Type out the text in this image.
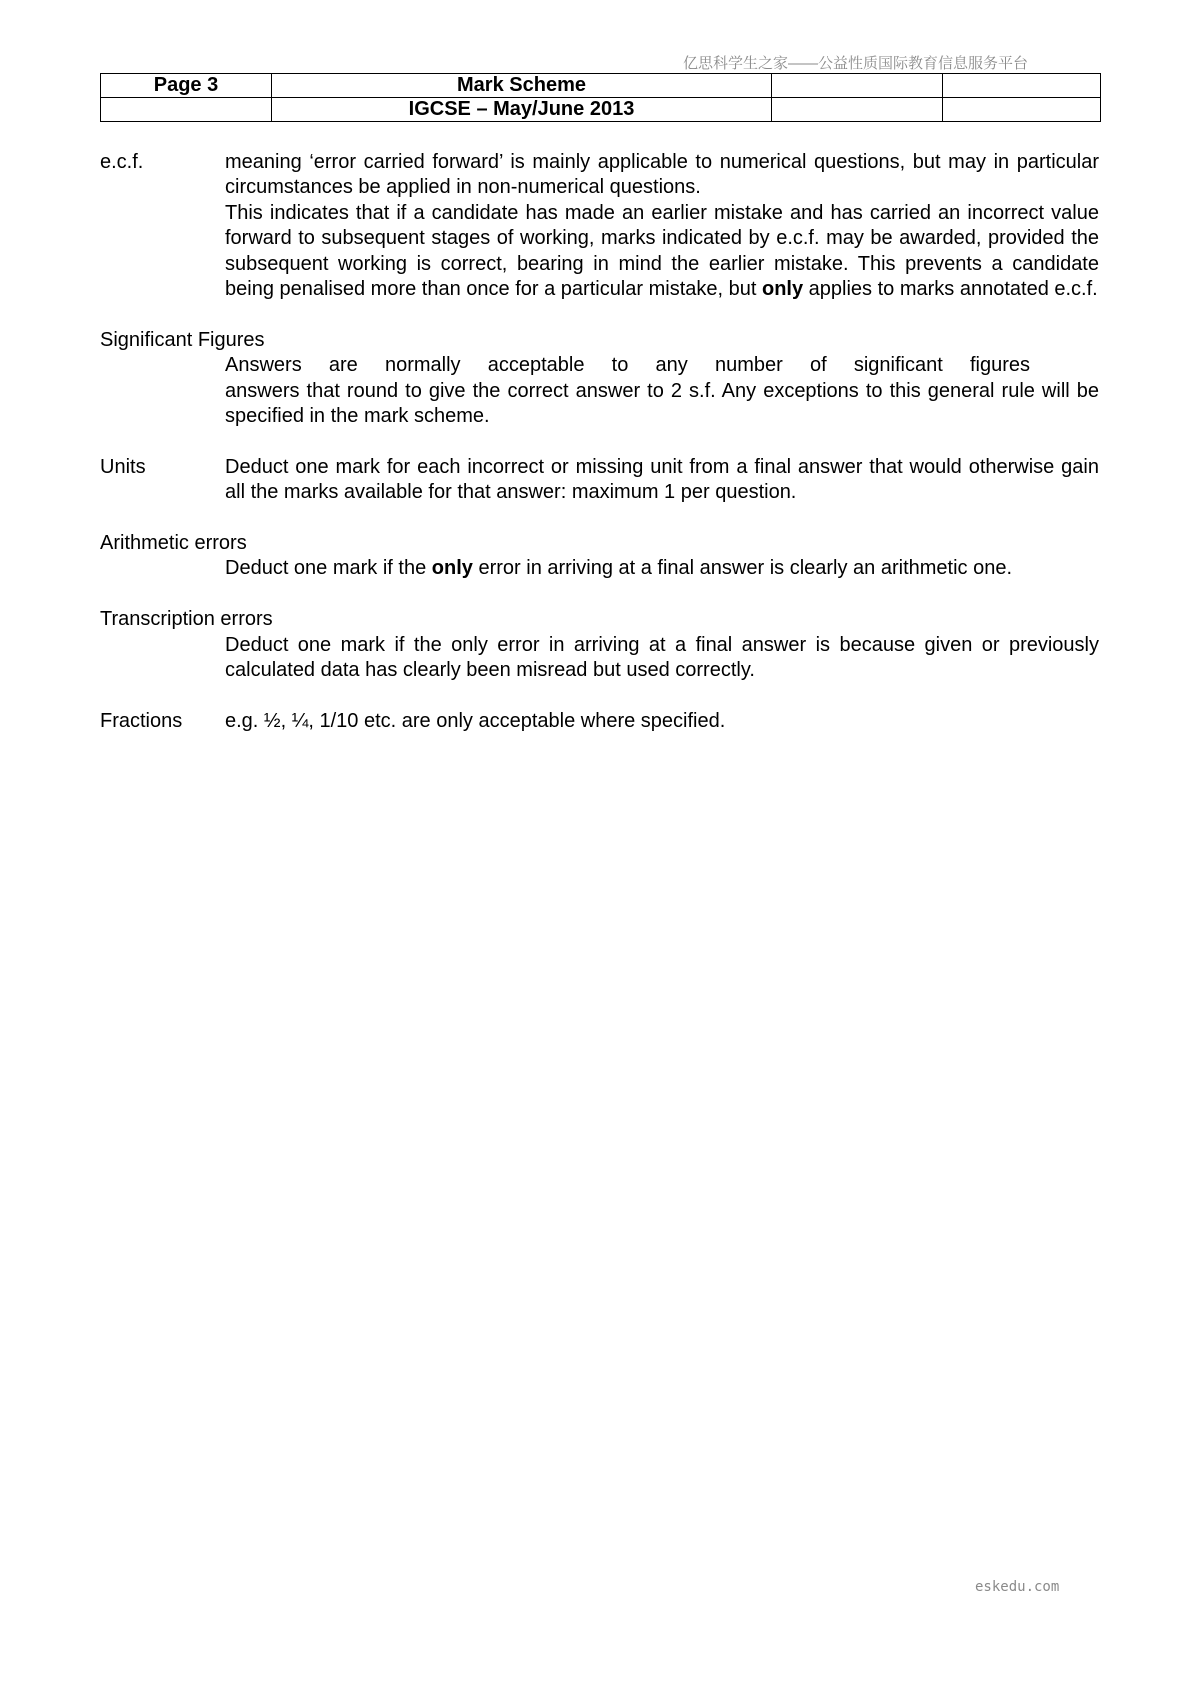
亿思科学生之家——公益性质国际教育信息服务平台
Page 3	Mark Scheme		
	IGCSE – May/June 2013		
e.c.f.	meaning ‘error carried forward’ is mainly applicable to numerical questions, but may in particular circumstances be applied in non-numerical questions.
This indicates that if a candidate has made an earlier mistake and has carried an incorrect value forward to subsequent stages of working, marks indicated by e.c.f. may be awarded, provided the subsequent working is correct, bearing in mind the earlier mistake. This prevents a candidate being penalised more than once for a particular mistake, but only applies to marks annotated e.c.f.
Significant Figures
Answers are normally acceptable to any number of significant figures
answers that round to give the correct answer to 2 s.f. Any exceptions to this general rule will be specified in the mark scheme.
Units	Deduct one mark for each incorrect or missing unit from a final answer that would otherwise gain all the marks available for that answer: maximum 1 per question.
Arithmetic errors
Deduct one mark if the only error in arriving at a final answer is clearly an arithmetic one.
Transcription errors
Deduct one mark if the only error in arriving at a final answer is because given or previously calculated data has clearly been misread but used correctly.
Fractions	e.g. ½, ¼, 1/10 etc. are only acceptable where specified.
eskedu.com
